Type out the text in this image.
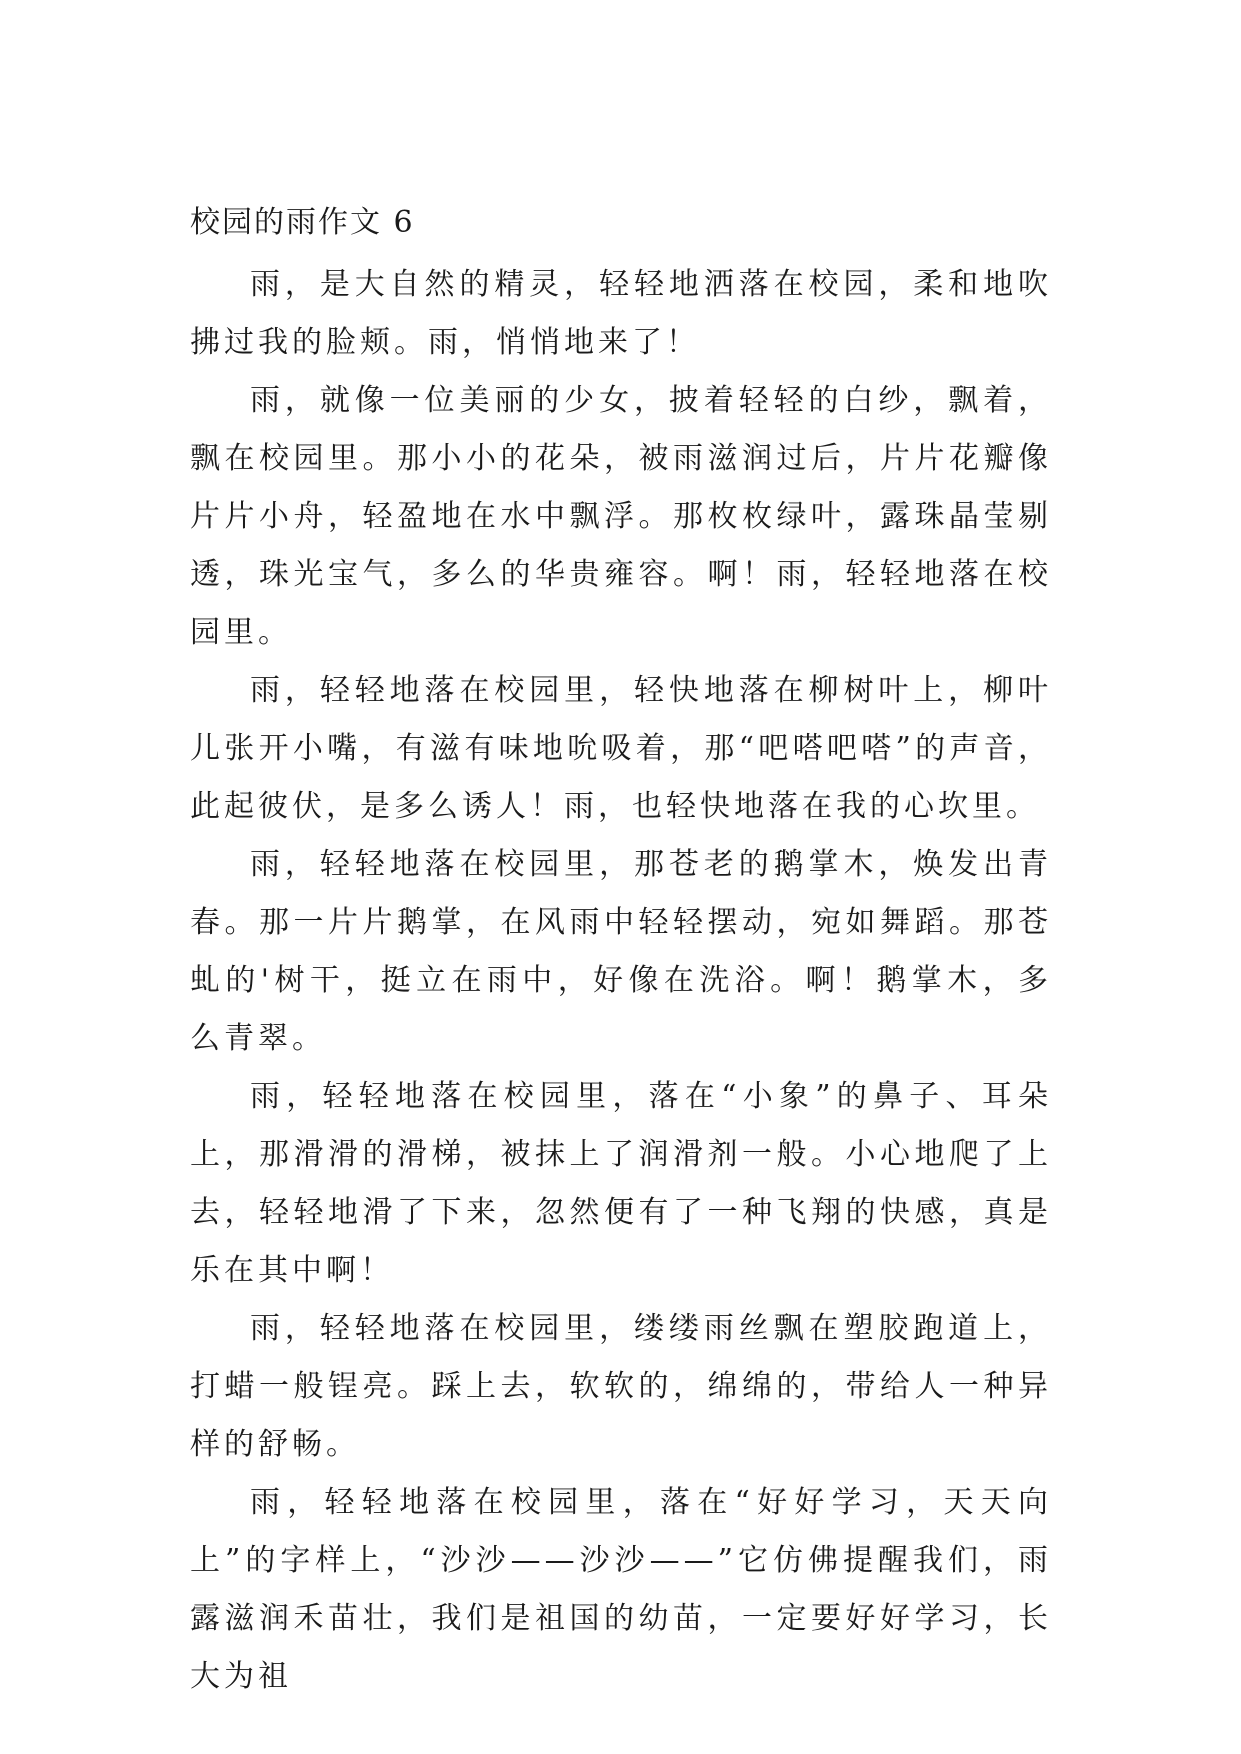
校园的雨作文 6

雨，是大自然的精灵，轻轻地洒落在校园，柔和地吹拂过我的脸颊。雨，悄悄地来了！

雨，就像一位美丽的少女，披着轻轻的白纱，飘着，飘在校园里。那小小的花朵，被雨滋润过后，片片花瓣像片片小舟，轻盈地在水中飘浮。那枚枚绿叶，露珠晶莹剔透，珠光宝气，多么的华贵雍容。啊！雨，轻轻地落在校园里。

雨，轻轻地落在校园里，轻快地落在柳树叶上，柳叶儿张开小嘴，有滋有味地吮吸着，那“吧嗒吧嗒”的声音，此起彼伏，是多么诱人！雨，也轻快地落在我的心坎里。

雨，轻轻地落在校园里，那苍老的鹅掌木，焕发出青春。那一片片鹅掌，在风雨中轻轻摆动，宛如舞蹈。那苍虬的'树干，挺立在雨中，好像在洗浴。啊！鹅掌木，多么青翠。

雨，轻轻地落在校园里，落在“小象”的鼻子、耳朵上，那滑滑的滑梯，被抹上了润滑剂一般。小心地爬了上去，轻轻地滑了下来，忽然便有了一种飞翔的快感，真是乐在其中啊！

雨，轻轻地落在校园里，缕缕雨丝飘在塑胶跑道上，打蜡一般锃亮。踩上去，软软的，绵绵的，带给人一种异样的舒畅。

雨，轻轻地落在校园里，落在“好好学习，天天向上”的字样上，“沙沙——沙沙——”它仿佛提醒我们，雨露滋润禾苗壮，我们是祖国的幼苗，一定要好好学习，长大为祖
